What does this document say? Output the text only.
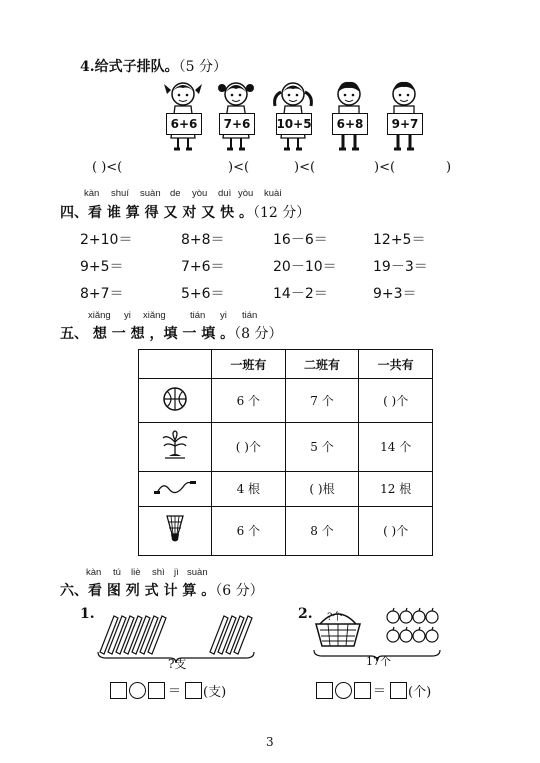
4.给式子排队。（5 分）
6+6	7+6	10+5	6+8	9+7
( )<(	)<(	)<(	)<(	)
kàn shuí suàn de yòu duì yòu kuài
四、看 谁 算 得 又 对 又 快 。（12 分）
2+10＝	8+8＝	16－6＝	12+5＝
9+5＝	7+6＝	20－10＝	19－3＝
8+7＝	5+6＝	14－2＝	9+3＝
xiǎng yi xiǎng	tián yi tián
五、 想 一 想 ，填 一 填 。（8 分）
	一班有	二班有	一共有
	6 个	7 个	( )个
	( )个	5 个	14 个
	4 根	( )根	12 根
	6 个	8 个	( )个
kàn tú liè shì jì suàn
六、看 图 列 式 计 算 。（6 分）
1.
?支
＝ (支)
2. ?个
17个
＝ (个)
3
